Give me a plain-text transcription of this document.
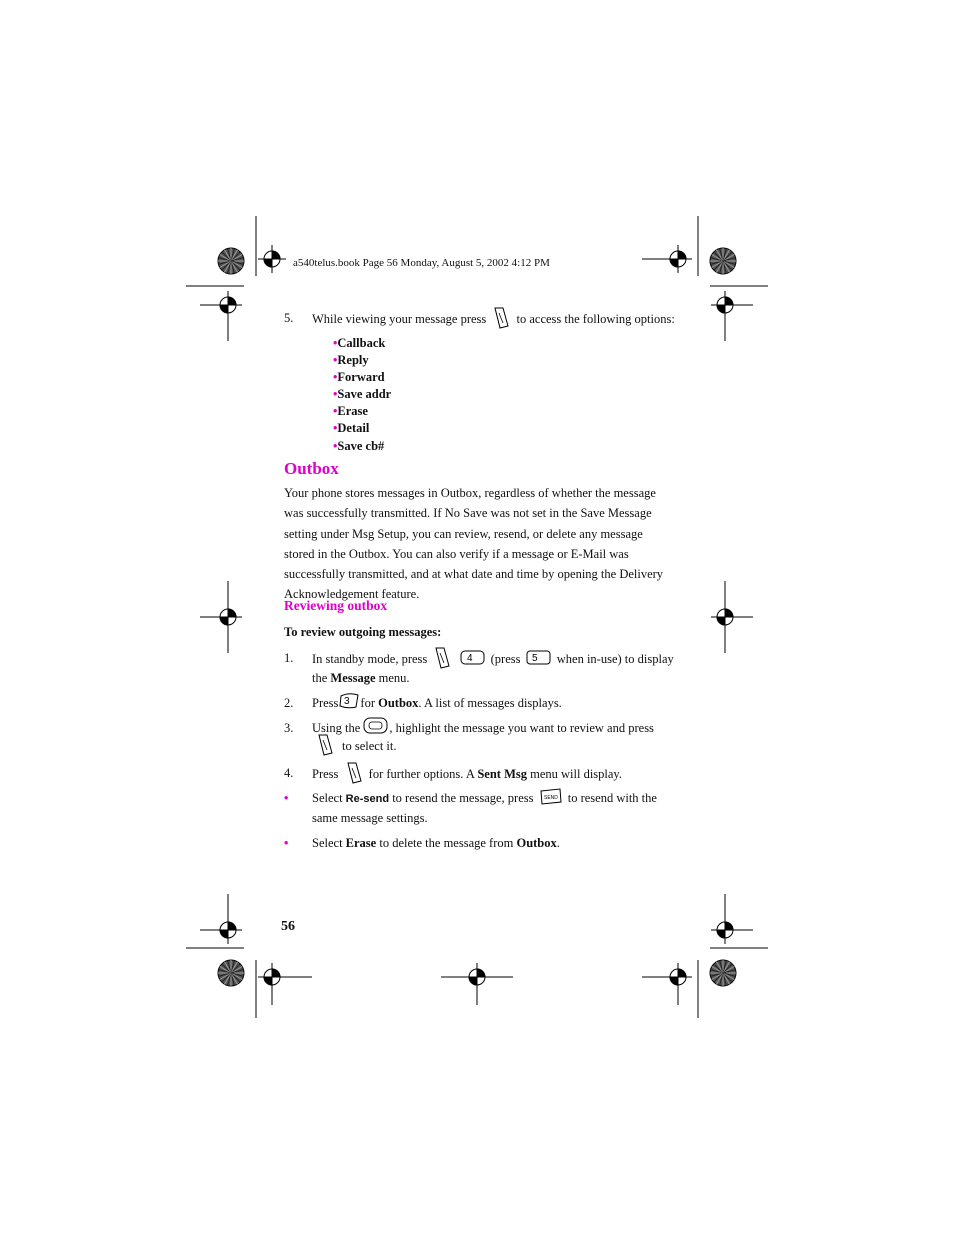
a540telus.book Page 56 Monday, August 5, 2002 4:12 PM
5. While viewing your message press to access the following options:
•Callback
•Reply
•Forward
•Save addr
•Erase
•Detail
•Save cb#
Outbox
Your phone stores messages in Outbox, regardless of whether the message was successfully transmitted. If No Save was not set in the Save Message setting under Msg Setup, you can review, resend, or delete any message stored in the Outbox. You can also verify if a message or E-Mail was successfully transmitted, and at what date and time by opening the Delivery Acknowledgement feature.
Reviewing outbox
To review outgoing messages:
1. In standby mode, press	4 (press 5 when in-use) to display
the Message menu.
2. Press 3 for Outbox. A list of messages displays.
3. Using the , highlight the message you want to review and press
to select it.
4. Press for further options. A Sent Msg menu will display.
• Select Re-send to resend the message, press SEND to resend with the
same message settings.
• Select Erase to delete the message from Outbox.
56
